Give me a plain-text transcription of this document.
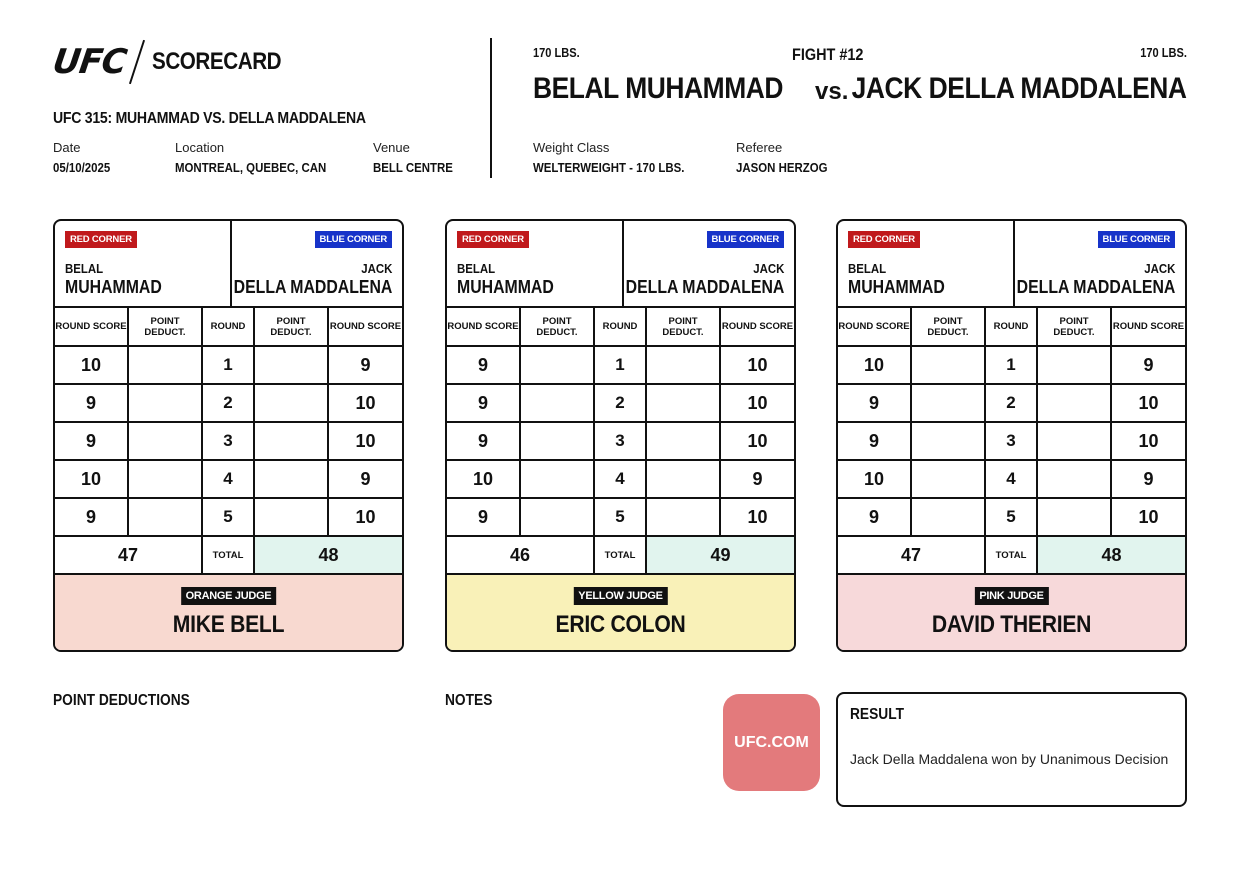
UFC SCORECARD
UFC 315: MUHAMMAD VS. DELLA MADDALENA
Date
05/10/2025
Location
MONTREAL, QUEBEC, CAN
Venue
BELL CENTRE
170 LBS.	FIGHT #12	170 LBS.
BELAL MUHAMMAD vs. JACK DELLA MADDALENA
Weight Class
WELTERWEIGHT - 170 LBS.
Referee
JASON HERZOG
RED CORNER
BELAL
MUHAMMAD
BLUE CORNER
JACK
DELLA MADDALENA
ROUND SCORE	POINT DEDUCT.	ROUND	POINT DEDUCT.	ROUND SCORE
10		1		9
9		2		10
9		3		10
10		4		9
9		5		10
47		TOTAL	48	
ORANGE JUDGE
MIKE BELL
RED CORNER
BELAL
MUHAMMAD
BLUE CORNER
JACK
DELLA MADDALENA
ROUND SCORE	POINT DEDUCT.	ROUND	POINT DEDUCT.	ROUND SCORE
9		1		10
9		2		10
9		3		10
10		4		9
9		5		10
46		TOTAL	49	
YELLOW JUDGE
ERIC COLON
RED CORNER
BELAL
MUHAMMAD
BLUE CORNER
JACK
DELLA MADDALENA
ROUND SCORE	POINT DEDUCT.	ROUND	POINT DEDUCT.	ROUND SCORE
10		1		9
9		2		10
9		3		10
10		4		9
9		5		10
47		TOTAL	48	
PINK JUDGE
DAVID THERIEN
POINT DEDUCTIONS	NOTES
UFC.COM
RESULT
Jack Della Maddalena won by Unanimous Decision
